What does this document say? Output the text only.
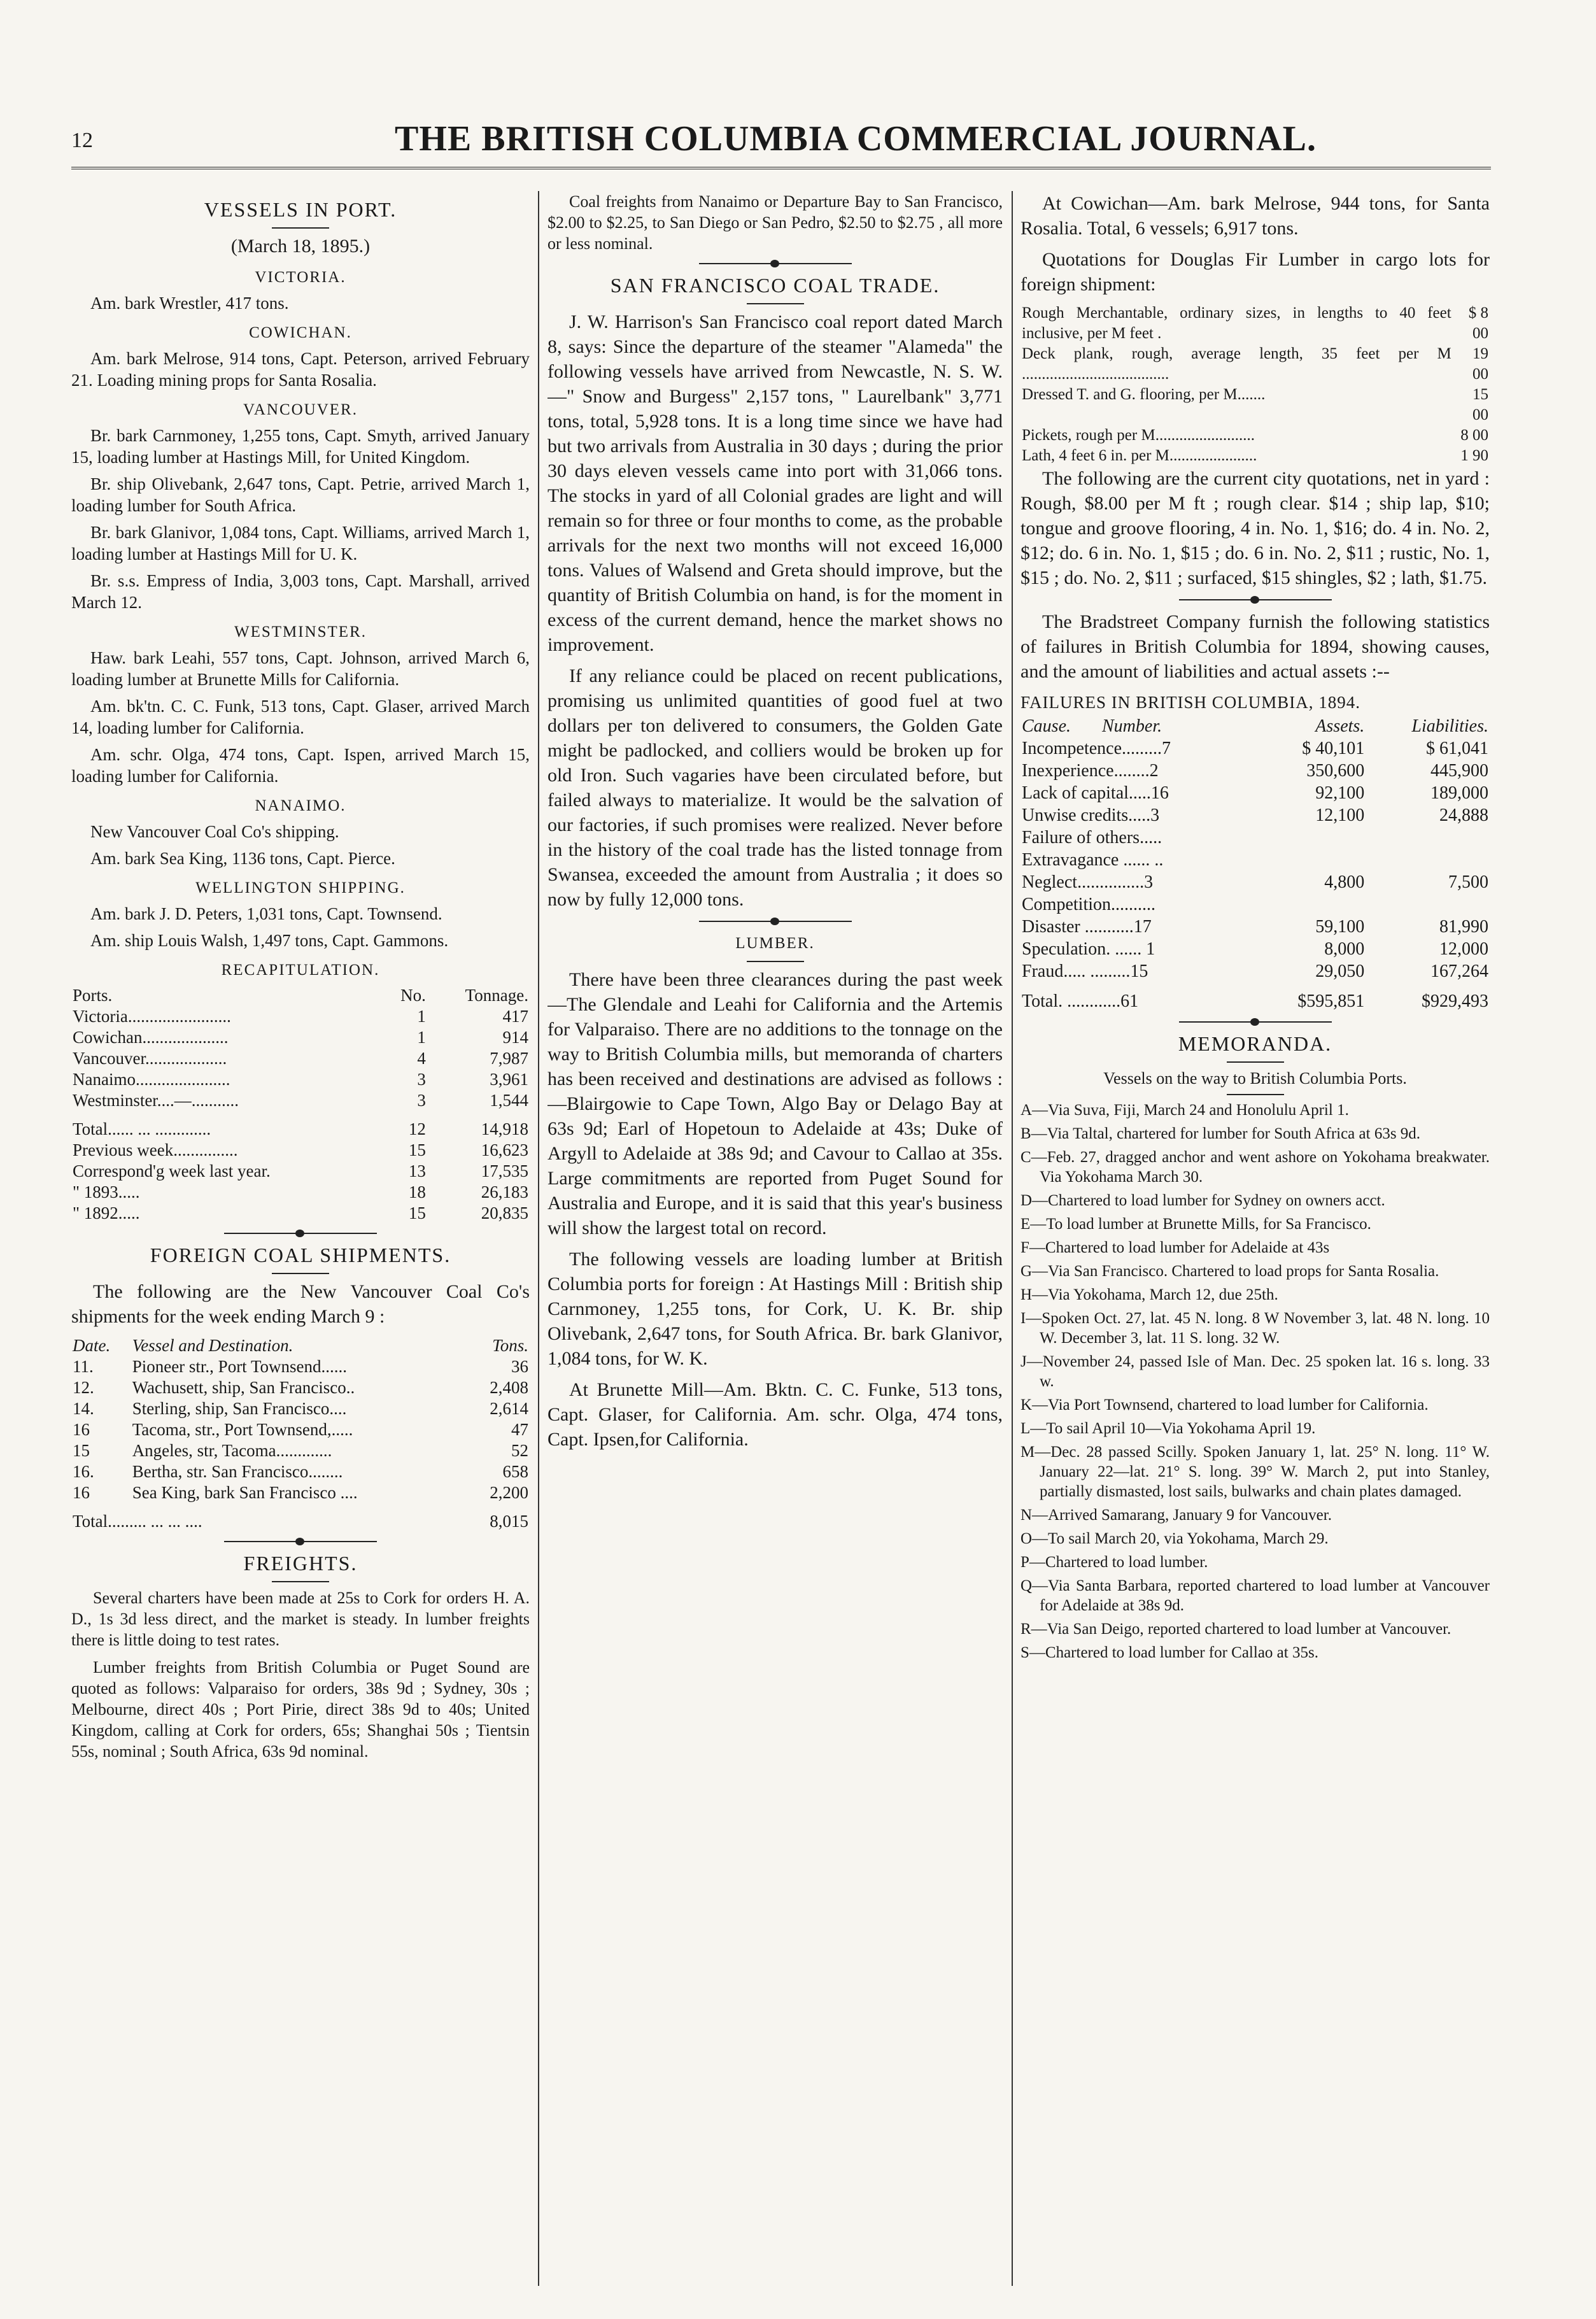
12	THE BRITISH COLUMBIA COMMERCIAL JOURNAL.
VESSELS IN PORT.
(March 18, 1895.)
VICTORIA.
Am. bark Wrestler, 417 tons.
COWICHAN.
Am. bark Melrose, 914 tons, Capt. Peterson, arrived February 21. Loading mining props for Santa Rosalia.
VANCOUVER.
Br. bark Carnmoney, 1,255 tons, Capt. Smyth, arrived January 15, loading lumber at Hastings Mill, for United Kingdom.
Br. ship Olivebank, 2,647 tons, Capt. Petrie, arrived March 1, loading lumber for South Africa.
Br. bark Glanivor, 1,084 tons, Capt. Williams, arrived March 1, loading lumber at Hastings Mill for U. K.
Br. s.s. Empress of India, 3,003 tons, Capt. Marshall, arrived March 12.
WESTMINSTER.
Haw. bark Leahi, 557 tons, Capt. Johnson, arrived March 6, loading lumber at Brunette Mills for California.
Am. bk'tn. C. C. Funk, 513 tons, Capt. Glaser, arrived March 14, loading lumber for California.
Am. schr. Olga, 474 tons, Capt. Ispen, arrived March 15, loading lumber for California.
NANAIMO.
New Vancouver Coal Co's shipping.
Am. bark Sea King, 1136 tons, Capt. Pierce.
WELLINGTON SHIPPING.
Am. bark J. D. Peters, 1,031 tons, Capt. Townsend.
Am. ship Louis Walsh, 1,497 tons, Capt. Gammons.
RECAPITULATION.
Ports.	No.	Tonnage.
Victoria........................	1	417
Cowichan....................	1	914
Vancouver...................	4	7,987
Nanaimo......................	3	3,961
Westminster....—...........	3	1,544
Total...... ... .............	12	14,918
Previous week...............	15	16,623
Correspond'g week last year.	13	17,535
" 1893.....	18	26,183
" 1892.....	15	20,835
FOREIGN COAL SHIPMENTS.

The following are the New Vancouver Coal Co's shipments for the week ending March 9 :

Date.	Vessel and Destination.	Tons.
11.	Pioneer str., Port Townsend......	36
12.	Wachusett, ship, San Francisco..	2,408
14.	Sterling, ship, San Francisco....	2,614
16	Tacoma, str., Port Townsend,.....	47
15	Angeles, str, Tacoma.............	52
16.	Bertha, str. San Francisco........	658
16	Sea King, bark San Francisco ....	2,200
Total......... ... ... ....		8,015
FREIGHTS.

Several charters have been made at 25s to Cork for orders H. A. D., 1s 3d less direct, and the market is steady. In lumber freights there is little doing to test rates.

Lumber freights from British Columbia or Puget Sound are quoted as follows: Valparaiso for orders, 38s 9d ; Sydney, 30s ; Melbourne, direct 40s ; Port Pirie, direct 38s 9d to 40s; United Kingdom, calling at Cork for orders, 65s; Shanghai 50s ; Tientsin 55s, nominal ; South Africa, 63s 9d nominal.

Coal freights from Nanaimo or Departure Bay to San Francisco, $2.00 to $2.25, to San Diego or San Pedro, $2.50 to $2.75 , all more or less nominal.

SAN FRANCISCO COAL TRADE.

J. W. Harrison's San Francisco coal report dated March 8, says: Since the departure of the steamer "Alameda" the following vessels have arrived from Newcastle, N. S. W.—" Snow and Burgess" 2,157 tons, " Laurelbank" 3,771 tons, total, 5,928 tons. It is a long time since we have had but two arrivals from Australia in 30 days ; during the prior 30 days eleven vessels came into port with 31,066 tons. The stocks in yard of all Colonial grades are light and will remain so for three or four months to come, as the probable arrivals for the next two months will not exceed 16,000 tons. Values of Walsend and Greta should improve, but the quantity of British Columbia on hand, is for the moment in excess of the current demand, hence the market shows no improvement.

If any reliance could be placed on recent publications, promising us unlimited quantities of good fuel at two dollars per ton delivered to consumers, the Golden Gate might be padlocked, and colliers would be broken up for old Iron. Such vagaries have been circulated before, but failed always to materialize. It would be the salvation of our factories, if such promises were realized. Never before in the history of the coal trade has the listed tonnage from Swansea, exceeded the amount from Australia ; it does so now by fully 12,000 tons.

LUMBER.

There have been three clearances during the past week—The Glendale and Leahi for California and the Artemis for Valparaiso. There are no additions to the tonnage on the way to British Columbia mills, but memoranda of charters has been received and destinations are advised as follows :—Blairgowie to Cape Town, Algo Bay or Delago Bay at 63s 9d; Earl of Hopetoun to Adelaide at 43s; Duke of Argyll to Adelaide at 38s 9d; and Cavour to Callao at 35s. Large commitments are reported from Puget Sound for Australia and Europe, and it is said that this year's business will show the largest total on record.

The following vessels are loading lumber at British Columbia ports for foreign : At Hastings Mill : British ship Carnmoney, 1,255 tons, for Cork, U. K. Br. ship Olivebank, 2,647 tons, for South Africa. Br. bark Glanivor, 1,084 tons, for W. K.

At Brunette Mill—Am. Bktn. C. C. Funke, 513 tons, Capt. Glaser, for California. Am. schr. Olga, 474 tons, Capt. Ipsen,for California.

At Cowichan—Am. bark Melrose, 944 tons, for Santa Rosalia. Total, 6 vessels; 6,917 tons.

Quotations for Douglas Fir Lumber in cargo lots for foreign shipment:

Rough Merchantable, ordinary sizes, in lengths to 40 feet inclusive, per M feet .	$ 8 00
Deck plank, rough, average length, 35 feet per M .....................................	19 00
Dressed T. and G. flooring, per M.......	15 00
Pickets, rough per M.........................	8 00
Lath, 4 feet 6 in. per M......................	1 90

The following are the current city quotations, net in yard : Rough, $8.00 per M ft ; rough clear. $14 ; ship lap, $10; tongue and groove flooring, 4 in. No. 1, $16; do. 4 in. No. 2, $12; do. 6 in. No. 1, $15 ; do. 6 in. No. 2, $11 ; rustic, No. 1, $15 ; do. No. 2, $11 ; surfaced, $15 shingles, $2 ; lath, $1.75.

The Bradstreet Company furnish the following statistics of failures in British Columbia for 1894, showing causes, and the amount of liabilities and actual assets :--

FAILURES IN BRITISH COLUMBIA, 1894.
Cause. Number.	Assets.	Liabilities.
Incompetence.........7	$ 40,101	$ 61,041
Inexperience........2	350,600	445,900
Lack of capital.....16	92,100	189,000
Unwise credits.....3	12,100	24,888
Failure of others.....		
Extravagance ...... ..		
Neglect...............3	4,800	7,500
Competition..........		
Disaster ...........17	59,100	81,990
Speculation. ...... 1	8,000	12,000
Fraud..... .........15	29,050	167,264
Total. ............61	$595,851	$929,493
MEMORANDA.
Vessels on the way to British Columbia Ports.
A—Via Suva, Fiji, March 24 and Honolulu April 1.
B—Via Taltal, chartered for lumber for South Africa at 63s 9d.
C—Feb. 27, dragged anchor and went ashore on Yokohama breakwater. Via Yokohama March 30.
D—Chartered to load lumber for Sydney on owners acct.
E—To load lumber at Brunette Mills, for Sa Francisco.
F—Chartered to load lumber for Adelaide at 43s
G—Via San Francisco. Chartered to load props for Santa Rosalia.
H—Via Yokohama, March 12, due 25th.
I—Spoken Oct. 27, lat. 45 N. long. 8 W November 3, lat. 48 N. long. 10 W. December 3, lat. 11 S. long. 32 W.
J—November 24, passed Isle of Man. Dec. 25 spoken lat. 16 s. long. 33 w.
K—Via Port Townsend, chartered to load lumber for California.
L—To sail April 10—Via Yokohama April 19.
M—Dec. 28 passed Scilly. Spoken January 1, lat. 25° N. long. 11° W. January 22—lat. 21° S. long. 39° W. March 2, put into Stanley, partially dismasted, lost sails, bulwarks and chain plates damaged.
N—Arrived Samarang, January 9 for Vancouver.
O—To sail March 20, via Yokohama, March 29.
P—Chartered to load lumber.
Q—Via Santa Barbara, reported chartered to load lumber at Vancouver for Adelaide at 38s 9d.
R—Via San Deigo, reported chartered to load lumber at Vancouver.
S—Chartered to load lumber for Callao at 35s.
